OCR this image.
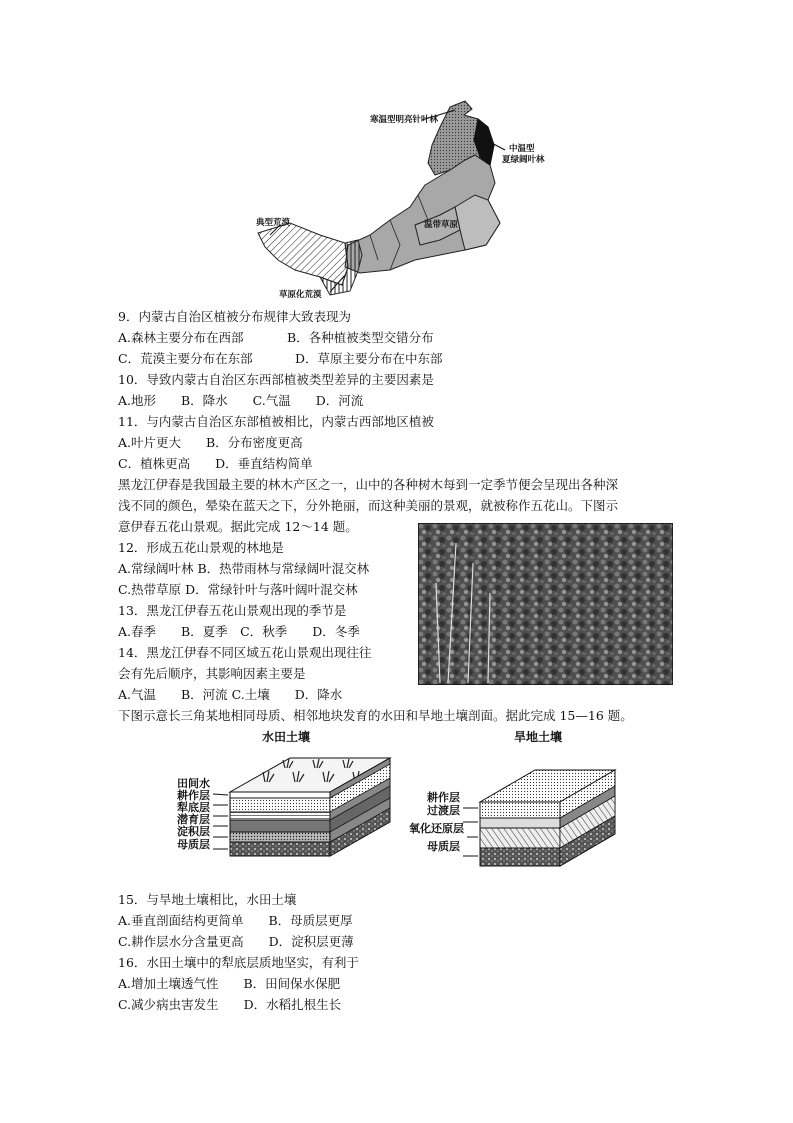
寒温型明亮针叶林
中温型
夏绿阔叶林
温带草原
典型荒漠
草原化荒漠
9．内蒙古自治区植被分布规律大致表现为
A.森林主要分布在西部	B．各种植被类型交错分布
C．荒漠主要分布在东部	D．草原主要分布在中东部
10．导致内蒙古自治区东西部植被类型差异的主要因素是
A.地形　　B．降水　　C.气温　　D．河流
11．与内蒙古自治区东部植被相比，内蒙古西部地区植被
A.叶片更大　　B．分布密度更高
C．植株更高　　D．垂直结构简单
黑龙江伊春是我国最主要的林木产区之一，山中的各种树木每到一定季节便会呈现出各种深
浅不同的颜色，晕染在蓝天之下，分外艳丽，而这种美丽的景观，就被称作五花山。下图示
意伊春五花山景观。据此完成 12～14 题。
12．形成五花山景观的林地是
A.常绿阔叶林 B．热带雨林与常绿阔叶混交林
C.热带草原 D．常绿针叶与落叶阔叶混交林
13．黑龙江伊春五花山景观出现的季节是
A.春季　　B．夏季　C．秋季　　D．冬季
14．黑龙江伊春不同区域五花山景观出现往往
会有先后顺序，其影响因素主要是
A.气温　　B．河流 C.土壤　　D．降水
下图示意长三角某地相同母质、相邻地块发育的水田和旱地土壤剖面。据此完成 15—16 题。
水田土壤	旱地土壤
田间水
耕作层
犁底层
潜育层
淀积层
母质层
耕作层
过渡层
氧化还原层
母质层
15．与旱地土壤相比，水田土壤
A.垂直剖面结构更简单　　B．母质层更厚
C.耕作层水分含量更高　　D．淀积层更薄
16．水田土壤中的犁底层质地坚实，有利于
A.增加土壤透气性　　B．田间保水保肥
C.减少病虫害发生　　D．水稻扎根生长
